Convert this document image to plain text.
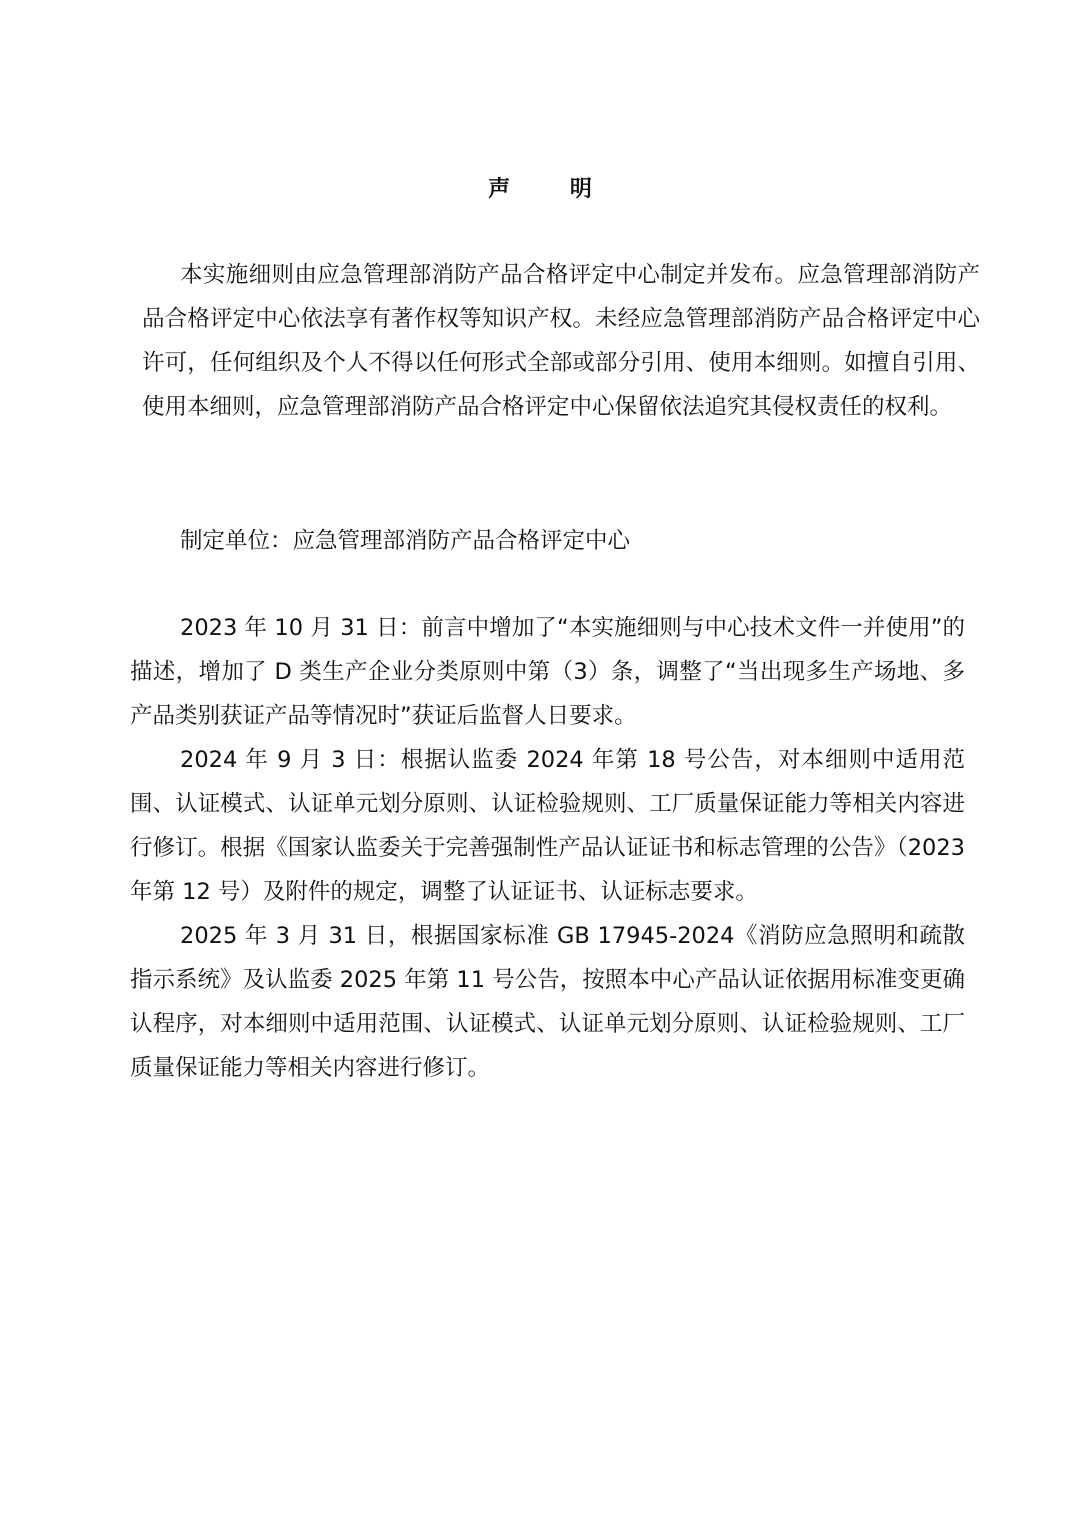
声 明

本实施细则由应急管理部消防产品合格评定中心制定并发布。应急管理部消防产品合格评定中心依法享有著作权等知识产权。未经应急管理部消防产品合格评定中心许可，任何组织及个人不得以任何形式全部或部分引用、使用本细则。如擅自引用、使用本细则，应急管理部消防产品合格评定中心保留依法追究其侵权责任的权利。

制定单位：应急管理部消防产品合格评定中心

2023 年 10 月 31 日：前言中增加了“本实施细则与中心技术文件一并使用”的描述，增加了 D 类生产企业分类原则中第（3）条，调整了“当出现多生产场地、多产品类别获证产品等情况时”获证后监督人日要求。

2024 年 9 月 3 日：根据认监委 2024 年第 18 号公告，对本细则中适用范围、认证模式、认证单元划分原则、认证检验规则、工厂质量保证能力等相关内容进行修订。根据《国家认监委关于完善强制性产品认证证书和标志管理的公告》（2023 年第 12 号）及附件的规定，调整了认证证书、认证标志要求。

2025 年 3 月 31 日，根据国家标准 GB 17945-2024《消防应急照明和疏散指示系统》及认监委 2025 年第 11 号公告，按照本中心产品认证依据用标准变更确认程序，对本细则中适用范围、认证模式、认证单元划分原则、认证检验规则、工厂质量保证能力等相关内容进行修订。
